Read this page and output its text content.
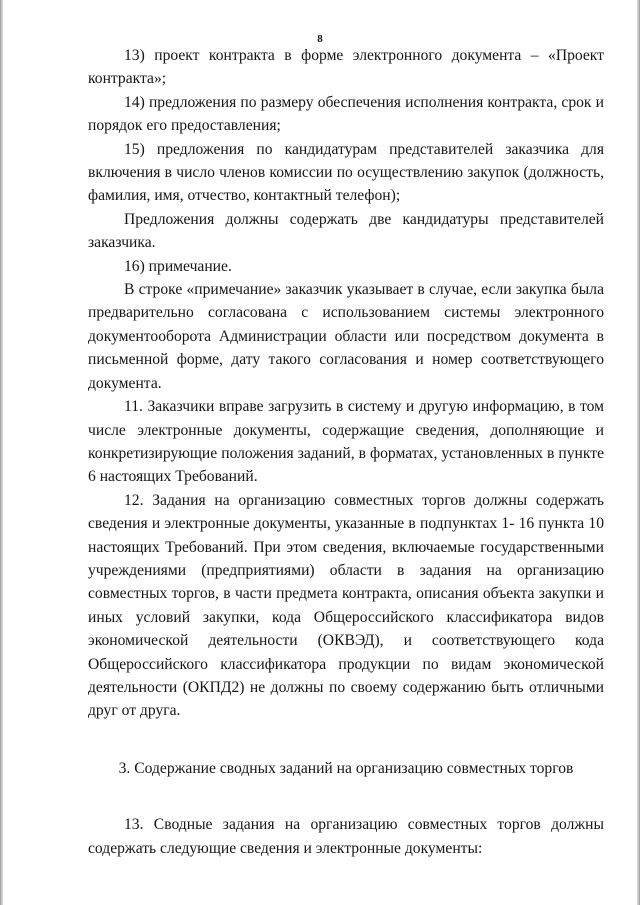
8

13) проект контракта в форме электронного документа – «Проект контракта»;

14) предложения по размеру обеспечения исполнения контракта, срок и порядок его предоставления;

15) предложения по кандидатурам представителей заказчика для включения в число членов комиссии по осуществлению закупок (должность, фамилия, имя, отчество, контактный телефон);

Предложения должны содержать две кандидатуры представителей заказчика.

16) примечание.

В строке «примечание» заказчик указывает в случае, если закупка была предварительно согласована с использованием системы электронного документооборота Администрации области или посредством документа в письменной форме, дату такого согласования и номер соответствующего документа.

11. Заказчики вправе загрузить в систему и другую информацию, в том числе электронные документы, содержащие сведения, дополняющие и конкретизирующие положения заданий, в форматах, установленных в пункте 6 настоящих Требований.

12. Задания на организацию совместных торгов должны содержать сведения и электронные документы, указанные в подпунктах 1- 16 пункта 10 настоящих Требований. При этом сведения, включаемые государственными учреждениями (предприятиями) области в задания на организацию совместных торгов, в части предмета контракта, описания объекта закупки и иных условий закупки, кода Общероссийского классификатора видов экономической деятельности (ОКВЭД), и соответствующего кода Общероссийского классификатора продукции по видам экономической деятельности (ОКПД2) не должны по своему содержанию быть отличными друг от друга.

3. Содержание сводных заданий на организацию совместных торгов

13. Сводные задания на организацию совместных торгов должны содержать следующие сведения и электронные документы:
